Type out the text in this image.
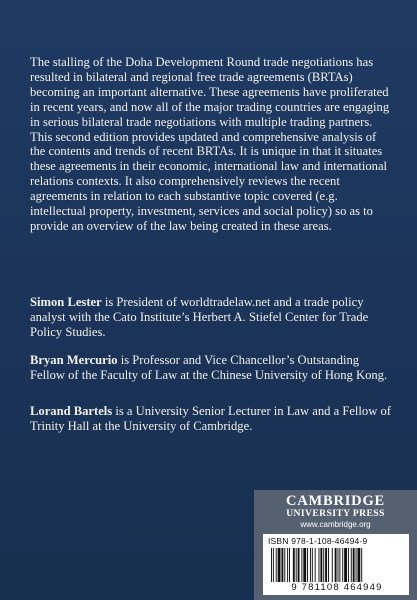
The stalling of the Doha Development Round trade negotiations has resulted in bilateral and regional free trade agreements (BRTAs) becoming an important alternative. These agreements have proliferated in recent years, and now all of the major trading countries are engaging in serious bilateral trade negotiations with multiple trading partners. This second edition provides updated and comprehensive analysis of the contents and trends of recent BRTAs. It is unique in that it situates these agreements in their economic, international law and international relations contexts. It also comprehensively reviews the recent agreements in relation to each substantive topic covered (e.g. intellectual property, investment, services and social policy) so as to provide an overview of the law being created in these areas.

Simon Lester is President of worldtradelaw.net and a trade policy analyst with the Cato Institute’s Herbert A. Stiefel Center for Trade Policy Studies.

Bryan Mercurio is Professor and Vice Chancellor’s Outstanding Fellow of the Faculty of Law at the Chinese University of Hong Kong.

Lorand Bartels is a University Senior Lecturer in Law and a Fellow of Trinity Hall at the University of Cambridge.

CAMBRIDGE

UNIVERSITY PRESS

www.cambridge.org

ISBN 978-1-108-46494-9

9 781108 464949
